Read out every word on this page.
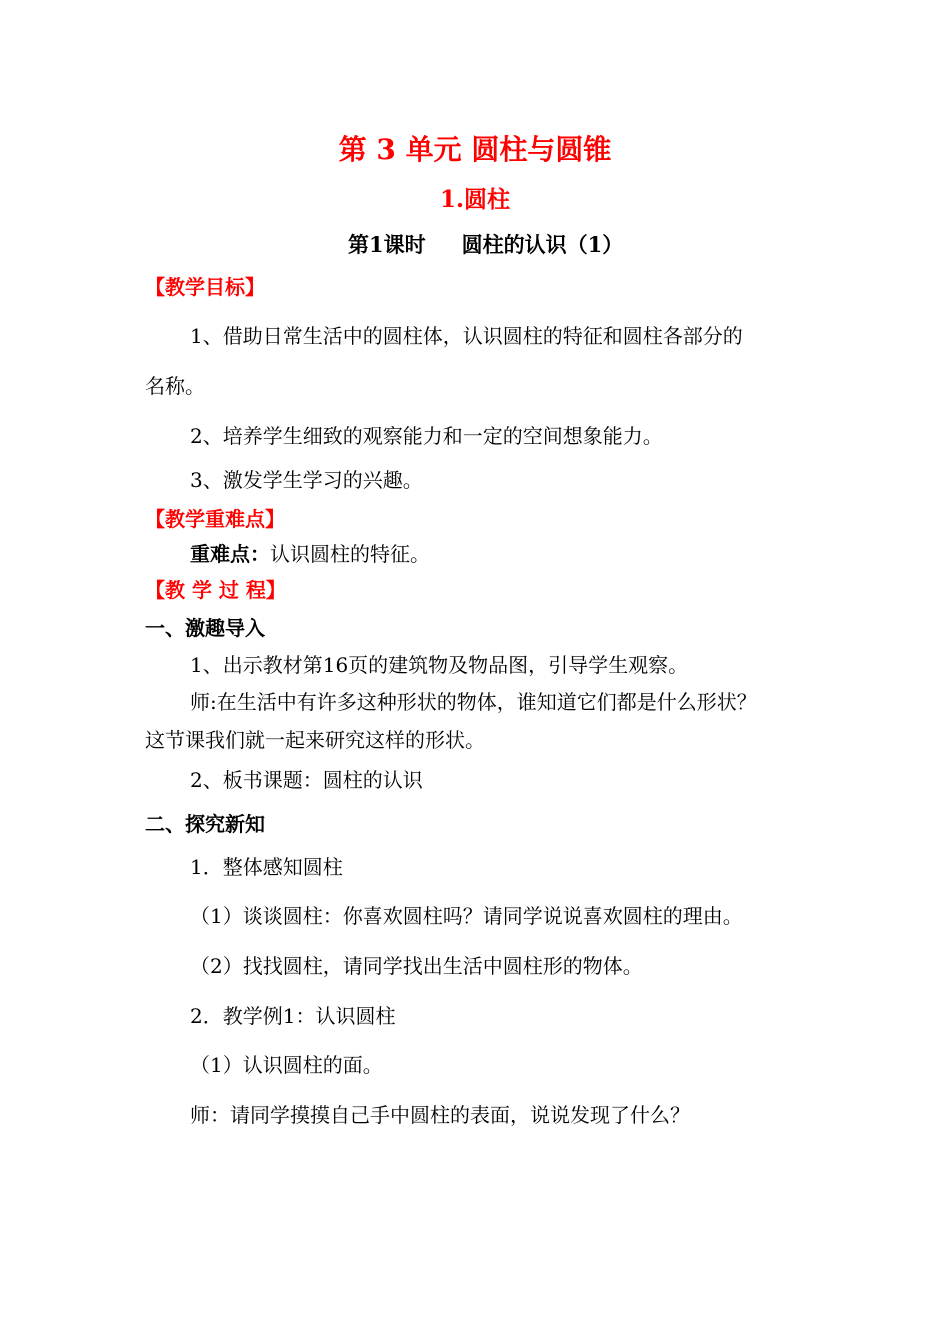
第 3 单元 圆柱与圆锥
1.圆柱
第1课时 圆柱的认识（1）
【教学目标】
1、借助日常生活中的圆柱体，认识圆柱的特征和圆柱各部分的
名称。
2、培养学生细致的观察能力和一定的空间想象能力。
3、激发学生学习的兴趣。
【教学重难点】
重难点：认识圆柱的特征。
【教 学 过 程】
一、激趣导入
1、出示教材第16页的建筑物及物品图，引导学生观察。
师:在生活中有许多这种形状的物体，谁知道它们都是什么形状？
这节课我们就一起来研究这样的形状。
2、板书课题：圆柱的认识
二、探究新知
1．整体感知圆柱
（1）谈谈圆柱：你喜欢圆柱吗？请同学说说喜欢圆柱的理由。
（2）找找圆柱，请同学找出生活中圆柱形的物体。
2．教学例1：认识圆柱
（1）认识圆柱的面。
师：请同学摸摸自己手中圆柱的表面，说说发现了什么？
